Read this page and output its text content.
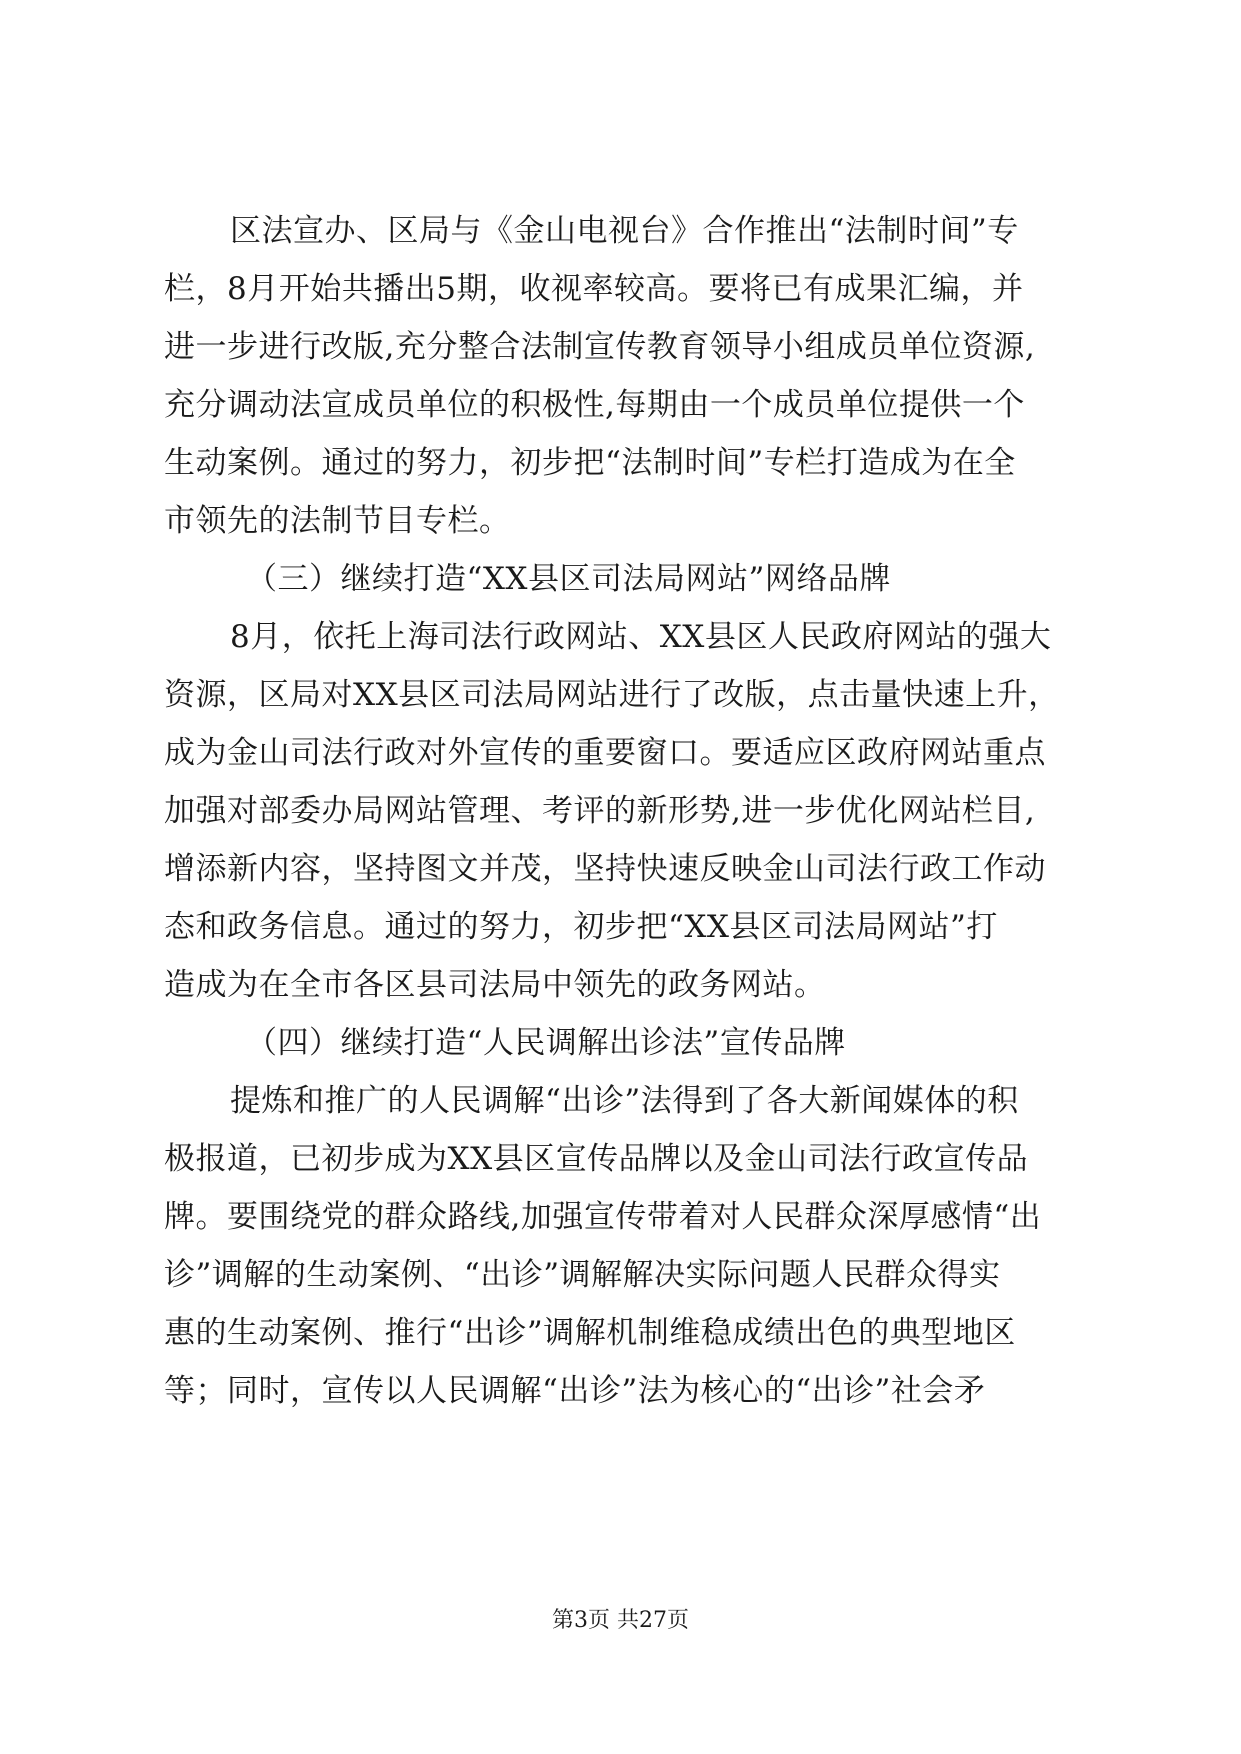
区法宣办、区局与《金山电视台》合作推出“法制时间”专
栏，8月开始共播出5期，收视率较高。要将已有成果汇编，并
进一步进行改版,充分整合法制宣传教育领导小组成员单位资源,
充分调动法宣成员单位的积极性,每期由一个成员单位提供一个
生动案例。通过的努力，初步把“法制时间”专栏打造成为在全
市领先的法制节目专栏。
（三）继续打造“XX县区司法局网站”网络品牌
8月，依托上海司法行政网站、XX县区人民政府网站的强大
资源，区局对XX县区司法局网站进行了改版，点击量快速上升，
成为金山司法行政对外宣传的重要窗口。要适应区政府网站重点
加强对部委办局网站管理、考评的新形势,进一步优化网站栏目,
增添新内容，坚持图文并茂，坚持快速反映金山司法行政工作动
态和政务信息。通过的努力，初步把“XX县区司法局网站”打
造成为在全市各区县司法局中领先的政务网站。
（四）继续打造“人民调解出诊法”宣传品牌
提炼和推广的人民调解“出诊”法得到了各大新闻媒体的积
极报道，已初步成为XX县区宣传品牌以及金山司法行政宣传品
牌。要围绕党的群众路线,加强宣传带着对人民群众深厚感情“出
诊”调解的生动案例、“出诊”调解解决实际问题人民群众得实
惠的生动案例、推行“出诊”调解机制维稳成绩出色的典型地区
等；同时，宣传以人民调解“出诊”法为核心的“出诊”社会矛
第3页 共27页
